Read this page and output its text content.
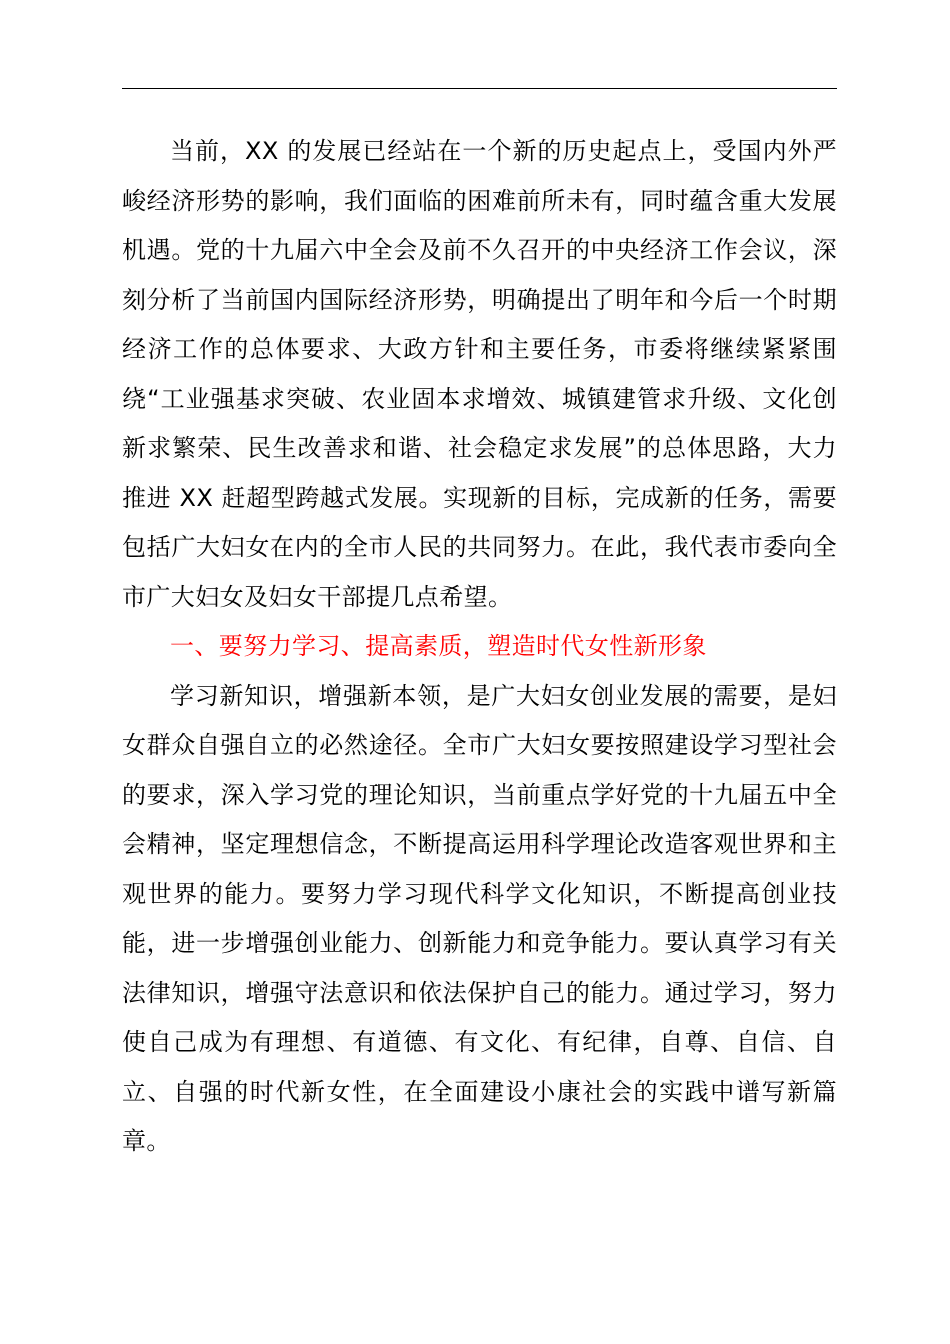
当前，XX 的发展已经站在一个新的历史起点上，受国内外严峻经济形势的影响，我们面临的困难前所未有，同时蕴含重大发展机遇。党的十九届六中全会及前不久召开的中央经济工作会议，深刻分析了当前国内国际经济形势，明确提出了明年和今后一个时期经济工作的总体要求、大政方针和主要任务，市委将继续紧紧围绕“工业强基求突破、农业固本求增效、城镇建管求升级、文化创新求繁荣、民生改善求和谐、社会稳定求发展”的总体思路，大力推进 XX 赶超型跨越式发展。实现新的目标，完成新的任务，需要包括广大妇女在内的全市人民的共同努力。在此，我代表市委向全市广大妇女及妇女干部提几点希望。

一、要努力学习、提高素质，塑造时代女性新形象

学习新知识，增强新本领，是广大妇女创业发展的需要，是妇女群众自强自立的必然途径。全市广大妇女要按照建设学习型社会的要求，深入学习党的理论知识，当前重点学好党的十九届五中全会精神，坚定理想信念，不断提高运用科学理论改造客观世界和主观世界的能力。要努力学习现代科学文化知识，不断提高创业技能，进一步增强创业能力、创新能力和竞争能力。要认真学习有关法律知识，增强守法意识和依法保护自己的能力。通过学习，努力使自己成为有理想、有道德、有文化、有纪律，自尊、自信、自立、自强的时代新女性，在全面建设小康社会的实践中谱写新篇章。
